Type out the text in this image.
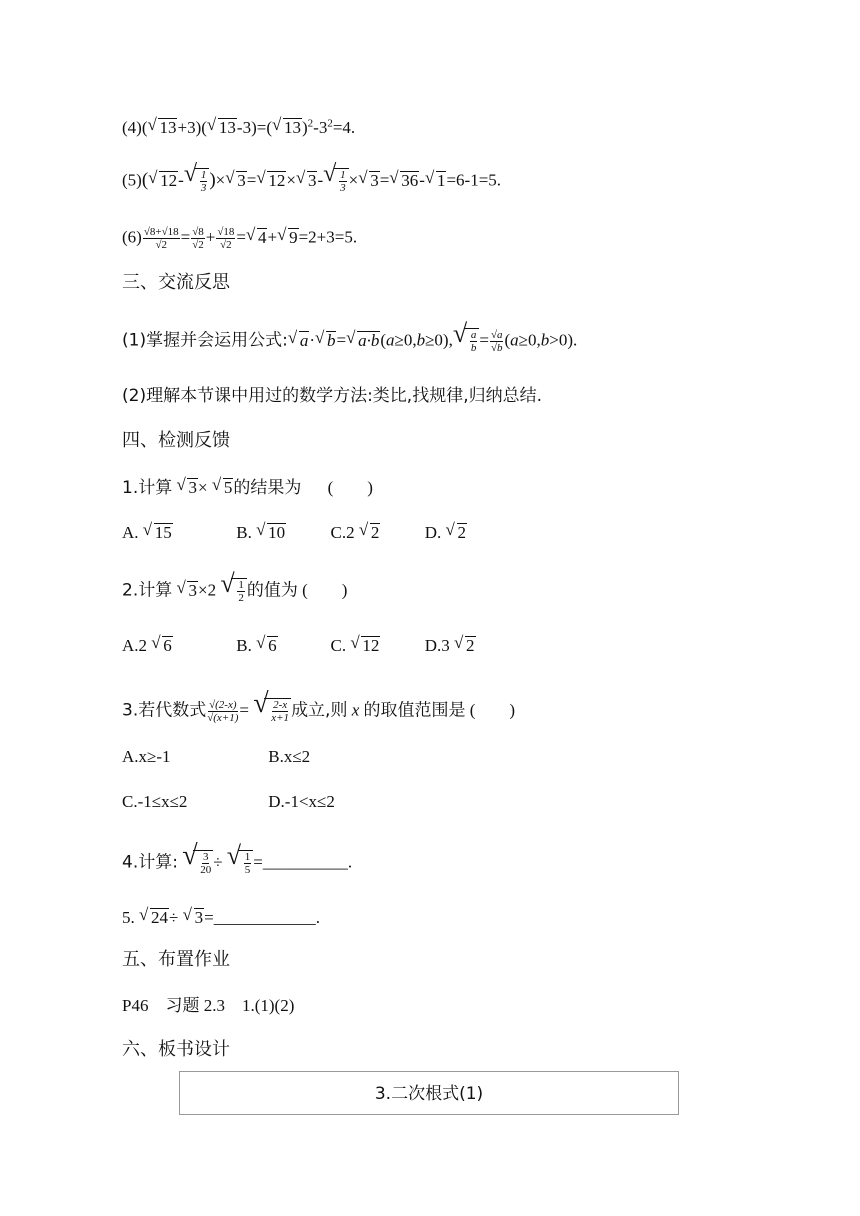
(4)( √ 13+3)( √ 13-3)=( √ $13)^2-3^2=4$.
(5)( √ 12- √ $\frac{1}{3}$ )× √ 3= √ 12× √ 3- √ $\frac{1}{3}$ × √ 3= √ 36- √ 1=6-1=5.
$(6) \frac{√8+√18}{√2} = \frac{√8}{√2} + \frac{√18}{√2}$ = √ 4+ √ 9=2+3=5.
三、交流反思
(1)掌握并会运用公式: √ a· √ b= √ a·b(a≥0,b≥0), √ $\frac{a}{b} = \frac{√a}{√b} (a\ge 0,b>0)$.
(2)理解本节课中用过的数学方法:类比,找规律,归纳总结.
四、检测反馈
1.计算 √ 3× √ 5的结果为 (　　)
A. √ 15	B. √ 10	C.2 √ 2	D. √ 2
2.计算 √ 3×2 √ $\frac{1}{2}$ 的值为 (　　)
A.2 √ 6	B. √ 6	C. √ 12	D.3 √ 2
3.若代数式 $\frac{√(2-x)}{√(x+1)}$ = √ $\frac{2-x}{x+1}$ 成立,则 x 的取值范围是 (　　)
A.x≥-1	B.x≤2
C.-1≤x≤2	D.-1<x≤2
4.计算: √ $\frac{3}{20}$ ÷ √ $\frac{1}{5}$ =__________.
5. √ 24÷ √ 3=____________.
五、布置作业
P46　习题 2.3　1.(1)(2)
六、板书设计
3.二次根式(1)
